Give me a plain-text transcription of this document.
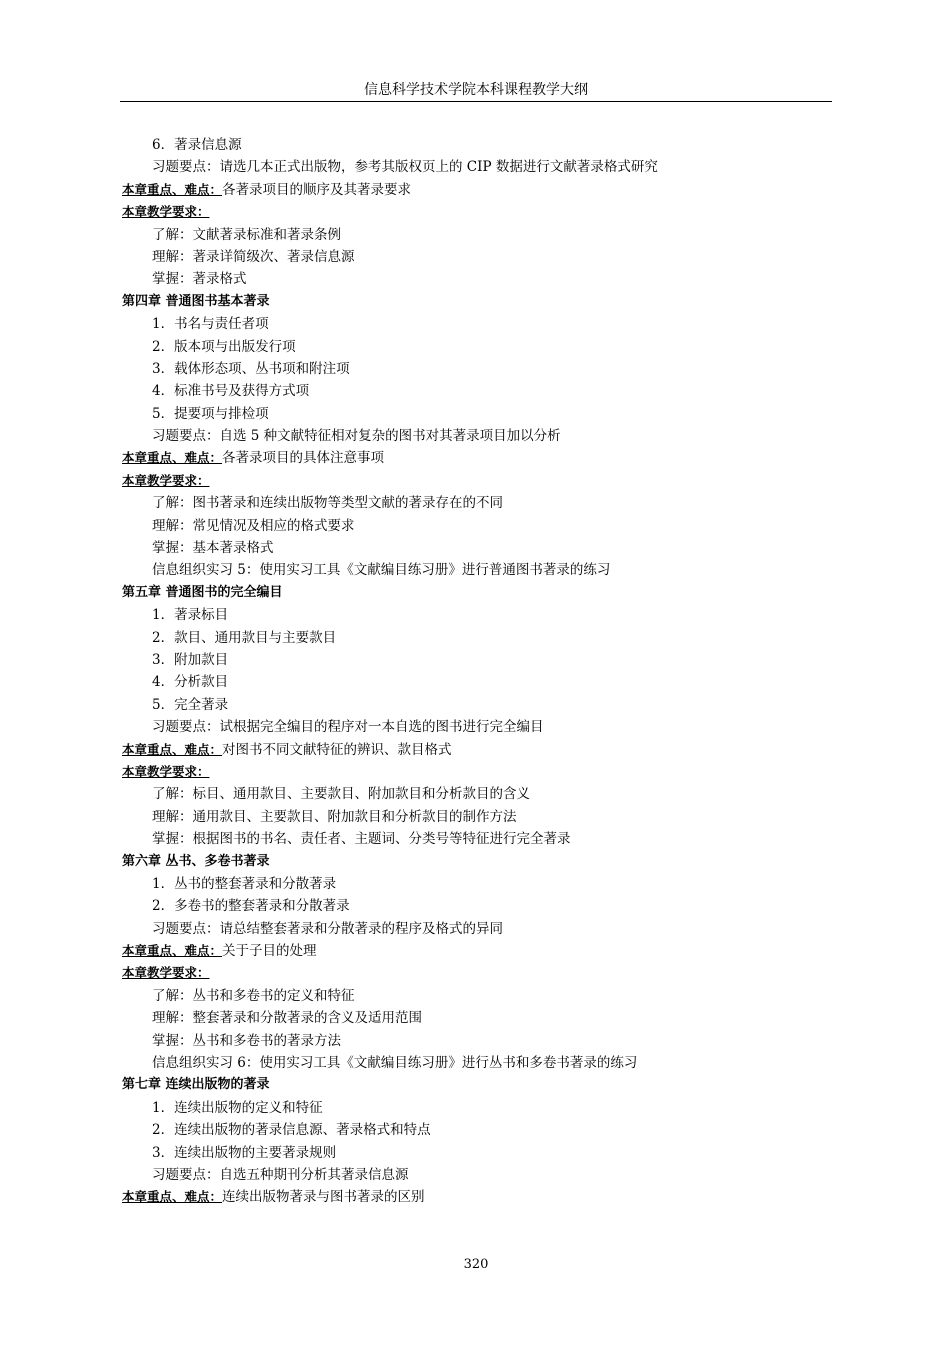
信息科学技术学院本科课程教学大纲
6．著录信息源
习题要点：请选几本正式出版物，参考其版权页上的 CIP 数据进行文献著录格式研究
本章重点、难点：各著录项目的顺序及其著录要求
本章教学要求：
了解：文献著录标准和著录条例
理解：著录详简级次、著录信息源
掌握：著录格式
第四章 普通图书基本著录
1．书名与责任者项
2．版本项与出版发行项
3．载体形态项、丛书项和附注项
4．标准书号及获得方式项
5．提要项与排检项
习题要点：自选 5 种文献特征相对复杂的图书对其著录项目加以分析
本章重点、难点：各著录项目的具体注意事项
本章教学要求：
了解：图书著录和连续出版物等类型文献的著录存在的不同
理解：常见情况及相应的格式要求
掌握：基本著录格式
信息组织实习 5：使用实习工具《文献编目练习册》进行普通图书著录的练习
第五章 普通图书的完全编目
1．著录标目
2．款目、通用款目与主要款目
3．附加款目
4．分析款目
5．完全著录
习题要点：试根据完全编目的程序对一本自选的图书进行完全编目
本章重点、难点：对图书不同文献特征的辨识、款目格式
本章教学要求：
了解：标目、通用款目、主要款目、附加款目和分析款目的含义
理解：通用款目、主要款目、附加款目和分析款目的制作方法
掌握：根据图书的书名、责任者、主题词、分类号等特征进行完全著录
第六章 丛书、多卷书著录
1．丛书的整套著录和分散著录
2．多卷书的整套著录和分散著录
习题要点：请总结整套著录和分散著录的程序及格式的异同
本章重点、难点：关于子目的处理
本章教学要求：
了解：丛书和多卷书的定义和特征
理解：整套著录和分散著录的含义及适用范围
掌握：丛书和多卷书的著录方法
信息组织实习 6：使用实习工具《文献编目练习册》进行丛书和多卷书著录的练习
第七章 连续出版物的著录
1．连续出版物的定义和特征
2．连续出版物的著录信息源、著录格式和特点
3．连续出版物的主要著录规则
习题要点：自选五种期刊分析其著录信息源
本章重点、难点：连续出版物著录与图书著录的区别
320
